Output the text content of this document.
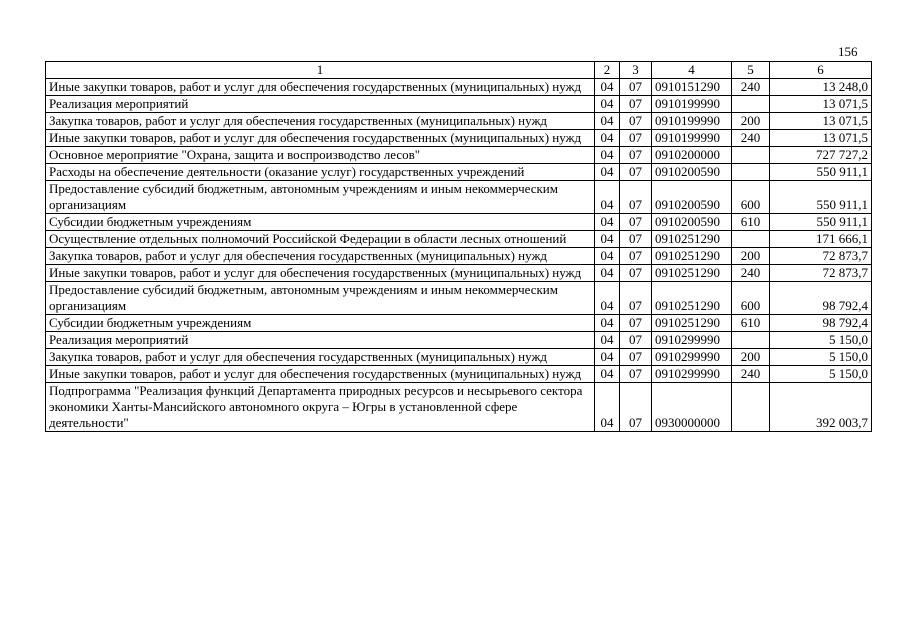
156
1	2	3	4	5	6
Иные закупки товаров, работ и услуг для обеспечения государственных (муниципальных) нужд	04	07	0910151290	240	13 248,0
Реализация мероприятий	04	07	0910199990		13 071,5
Закупка товаров, работ и услуг для обеспечения государственных (муниципальных) нужд	04	07	0910199990	200	13 071,5
Иные закупки товаров, работ и услуг для обеспечения государственных (муниципальных) нужд	04	07	0910199990	240	13 071,5
Основное мероприятие "Охрана, защита и воспроизводство лесов"	04	07	0910200000		727 727,2
Расходы на обеспечение деятельности (оказание услуг) государственных учреждений	04	07	0910200590		550 911,1
Предоставление субсидий бюджетным, автономным учреждениям и иным некоммерческим организациям	04	07	0910200590	600	550 911,1
Субсидии бюджетным учреждениям	04	07	0910200590	610	550 911,1
Осуществление отдельных полномочий Российской Федерации в области лесных отношений	04	07	0910251290		171 666,1
Закупка товаров, работ и услуг для обеспечения государственных (муниципальных) нужд	04	07	0910251290	200	72 873,7
Иные закупки товаров, работ и услуг для обеспечения государственных (муниципальных) нужд	04	07	0910251290	240	72 873,7
Предоставление субсидий бюджетным, автономным учреждениям и иным некоммерческим организациям	04	07	0910251290	600	98 792,4
Субсидии бюджетным учреждениям	04	07	0910251290	610	98 792,4
Реализация мероприятий	04	07	0910299990		5 150,0
Закупка товаров, работ и услуг для обеспечения государственных (муниципальных) нужд	04	07	0910299990	200	5 150,0
Иные закупки товаров, работ и услуг для обеспечения государственных (муниципальных) нужд	04	07	0910299990	240	5 150,0
Подпрограмма "Реализация функций Департамента природных ресурсов и несырьевого сектора экономики Ханты-Мансийского автономного округа – Югры в установленной сфере деятельности"	04	07	0930000000		392 003,7
